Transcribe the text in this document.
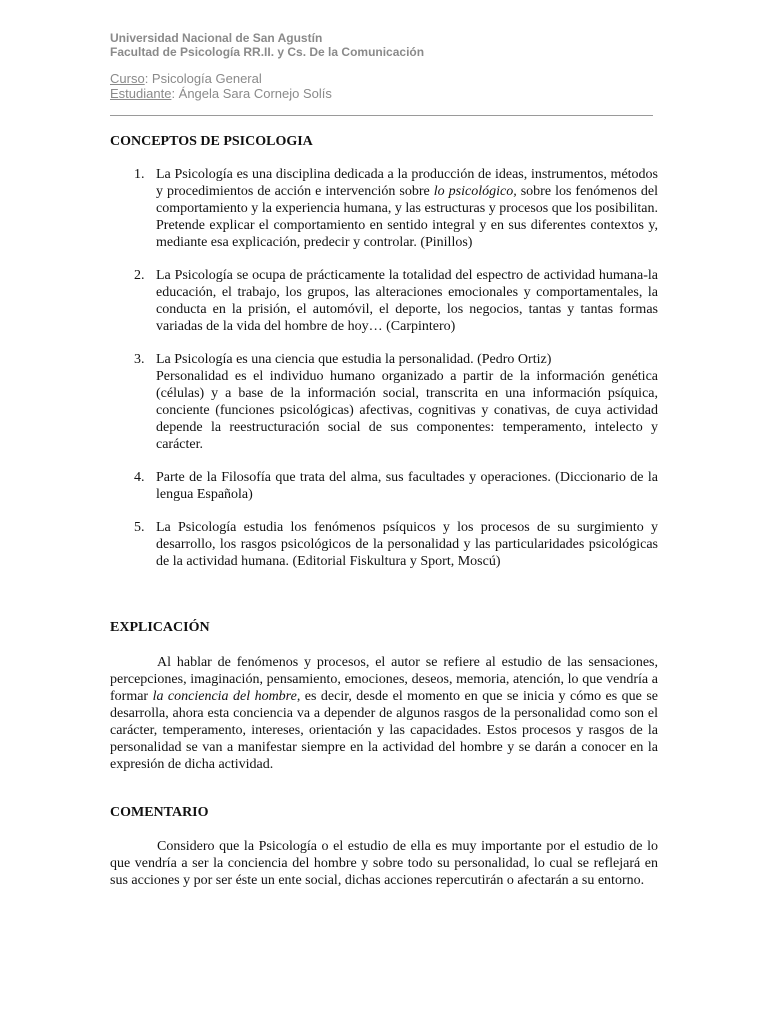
Universidad Nacional de San Agustín
Facultad de Psicología RR.II. y Cs. De la Comunicación
Curso: Psicología General
Estudiante: Ángela Sara Cornejo Solís
CONCEPTOS DE PSICOLOGIA
1. La Psicología es una disciplina dedicada a la producción de ideas, instrumentos, métodos y procedimientos de acción e intervención sobre lo psicológico, sobre los fenómenos del comportamiento y la experiencia humana, y las estructuras y procesos que los posibilitan. Pretende explicar el comportamiento en sentido integral y en sus diferentes contextos y, mediante esa explicación, predecir y controlar. (Pinillos)
2. La Psicología se ocupa de prácticamente la totalidad del espectro de actividad humana-la educación, el trabajo, los grupos, las alteraciones emocionales y comportamentales, la conducta en la prisión, el automóvil, el deporte, los negocios, tantas y tantas formas variadas de la vida del hombre de hoy… (Carpintero)
3. La Psicología es una ciencia que estudia la personalidad. (Pedro Ortiz)
Personalidad es el individuo humano organizado a partir de la información genética (células) y a base de la información social, transcrita en una información psíquica, conciente (funciones psicológicas) afectivas, cognitivas y conativas, de cuya actividad depende la reestructuración social de sus componentes: temperamento, intelecto y carácter.
4. Parte de la Filosofía que trata del alma, sus facultades y operaciones. (Diccionario de la lengua Española)
5. La Psicología estudia los fenómenos psíquicos y los procesos de su surgimiento y desarrollo, los rasgos psicológicos de la personalidad y las particularidades psicológicas de la actividad humana. (Editorial Fiskultura y Sport, Moscú)
EXPLICACIÓN
Al hablar de fenómenos y procesos, el autor se refiere al estudio de las sensaciones, percepciones, imaginación, pensamiento, emociones, deseos, memoria, atención, lo que vendría a formar la conciencia del hombre, es decir, desde el momento en que se inicia y cómo es que se desarrolla, ahora esta conciencia va a depender de algunos rasgos de la personalidad como son el carácter, temperamento, intereses, orientación y las capacidades. Estos procesos y rasgos de la personalidad se van a manifestar siempre en la actividad del hombre y se darán a conocer en la expresión de dicha actividad.
COMENTARIO
Considero que la Psicología o el estudio de ella es muy importante por el estudio de lo que vendría a ser la conciencia del hombre y sobre todo su personalidad, lo cual se reflejará en sus acciones y por ser éste un ente social, dichas acciones repercutirán o afectarán a su entorno.
